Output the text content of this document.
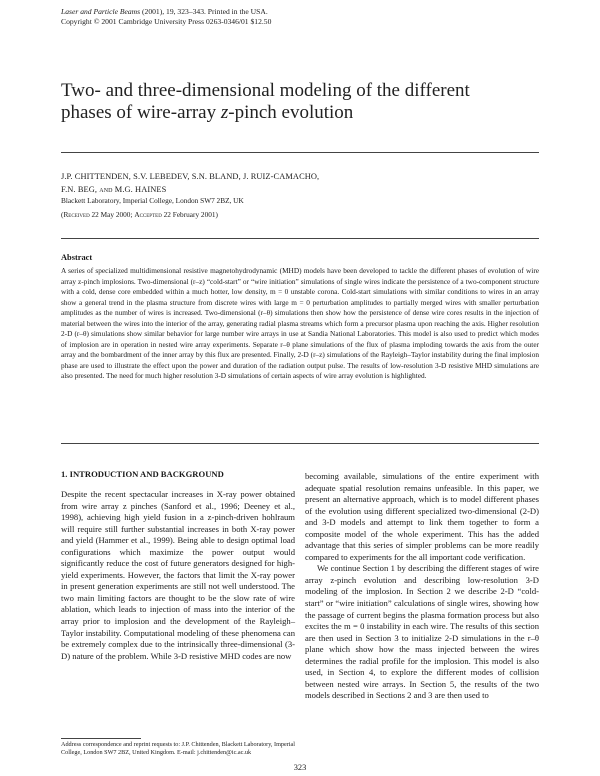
Laser and Particle Beams (2001), 19, 323–343. Printed in the USA.
Copyright © 2001 Cambridge University Press 0263-0346/01 $12.50
Two- and three-dimensional modeling of the different
phases of wire-array z-pinch evolution
J.P. CHITTENDEN, S.V. LEBEDEV, S.N. BLAND, J. RUIZ-CAMACHO,
F.N. BEG, and M.G. HAINES
Blackett Laboratory, Imperial College, London SW7 2BZ, UK
(Received 22 May 2000; Accepted 22 February 2001)
Abstract

A series of specialized multidimensional resistive magnetohydrodynamic (MHD) models have been developed to tackle the different phases of evolution of wire array z-pinch implosions. Two-dimensional (r–z) “cold-start” or “wire initiation” simulations of single wires indicate the persistence of a two-component structure with a cold, dense core embedded within a much hotter, low density, m = 0 unstable corona. Cold-start simulations with similar conditions to wires in an array show a general trend in the plasma structure from discrete wires with large m = 0 perturbation amplitudes to partially merged wires with smaller perturbation amplitudes as the number of wires is increased. Two-dimensional (r–θ) simulations then show how the persistence of dense wire cores results in the injection of material between the wires into the interior of the array, generating radial plasma streams which form a precursor plasma upon reaching the axis. Higher resolution 2-D (r–θ) simulations show similar behavior for large number wire arrays in use at Sandia National Laboratories. This model is also used to predict which modes of implosion are in operation in nested wire array experiments. Separate r–θ plane simulations of the flux of plasma imploding towards the axis from the outer array and the bombardment of the inner array by this flux are presented. Finally, 2-D (r–z) simulations of the Rayleigh–Taylor instability during the final implosion phase are used to illustrate the effect upon the power and duration of the radiation output pulse. The results of low-resolution 3-D resistive MHD simulations are also presented. The need for much higher resolution 3-D simulations of certain aspects of wire array evolution is highlighted.

1. INTRODUCTION AND BACKGROUND

Despite the recent spectacular increases in X-ray power obtained from wire array z pinches (Sanford et al., 1996; Deeney et al., 1998), achieving high yield fusion in a z-pinch-driven hohlraum will require still further substantial increases in both X-ray power and yield (Hammer et al., 1999). Being able to design optimal load configurations which maximize the power output would significantly reduce the cost of future generators designed for high-yield experiments. However, the factors that limit the X-ray power in present generation experiments are still not well understood. The two main limiting factors are thought to be the slow rate of wire ablation, which leads to injection of mass into the interior of the array prior to implosion and the development of the Rayleigh–Taylor instability. Computational modeling of these phenomena can be extremely complex due to the intrinsically three-dimensional (3-D) nature of the problem. While 3-D resistive MHD codes are now

becoming available, simulations of the entire experiment with adequate spatial resolution remains unfeasible. In this paper, we present an alternative approach, which is to model different phases of the evolution using different specialized two-dimensional (2-D) and 3-D models and attempt to link them together to form a composite model of the whole experiment. This has the added advantage that this series of simpler problems can be more readily compared to experiments for the all important code verification.

We continue Section 1 by describing the different stages of wire array z-pinch evolution and describing low-resolution 3-D modeling of the implosion. In Section 2 we describe 2-D “cold-start” or “wire initiation” calculations of single wires, showing how the passage of current begins the plasma formation process but also excites the m = 0 instability in each wire. The results of this section are then used in Section 3 to initialize 2-D simulations in the r–θ plane which show how the mass injected between the wires determines the radial profile for the implosion. This model is also used, in Section 4, to explore the different modes of collision between nested wire arrays. In Section 5, the results of the two models described in Sections 2 and 3 are then used to

Address correspondence and reprint requests to: J.P. Chittenden, Blackett Laboratory, Imperial College, London SW7 2BZ, United Kingdom. E-mail: j.chittenden@ic.ac.uk
323
